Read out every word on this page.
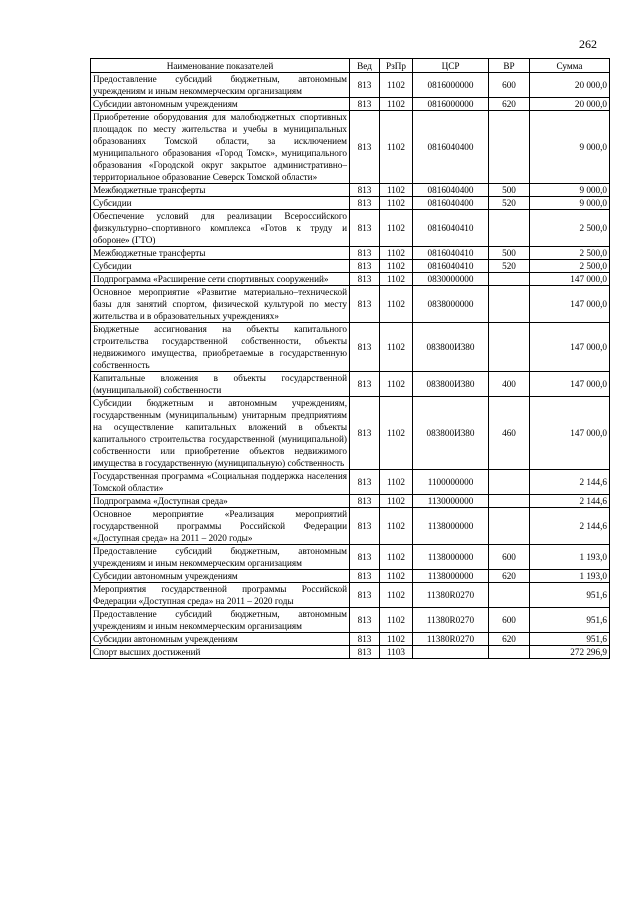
262
Наименование показателей	Вед	РзПр	ЦСР	ВР	Сумма
Предоставление субсидий бюджетным, автономным учреждениям и иным некоммерческим организациям	813	1102	0816000000	600	20 000,0
Субсидии автономным учреждениям	813	1102	0816000000	620	20 000,0
Приобретение оборудования для малобюджетных спортивных площадок по месту жительства и учебы в муниципальных образованиях Томской области, за исключением муниципального образования «Город Томск», муниципального образования «Городской округ закрытое административно–территориальное образование Северск Томской области»	813	1102	0816040400		9 000,0
Межбюджетные трансферты	813	1102	0816040400	500	9 000,0
Субсидии	813	1102	0816040400	520	9 000,0
Обеспечение условий для реализации Всероссийского физкультурно–спортивного комплекса «Готов к труду и обороне» (ГТО)	813	1102	0816040410		2 500,0
Межбюджетные трансферты	813	1102	0816040410	500	2 500,0
Субсидии	813	1102	0816040410	520	2 500,0
Подпрограмма «Расширение сети спортивных сооружений»	813	1102	0830000000		147 000,0
Основное мероприятие «Развитие материально–технической базы для занятий спортом, физической культурой по месту жительства и в образовательных учреждениях»	813	1102	0838000000		147 000,0
Бюджетные ассигнования на объекты капитального строительства государственной собственности, объекты недвижимого имущества, приобретаемые в государственную собственность	813	1102	083800И380		147 000,0
Капитальные вложения в объекты государственной (муниципальной) собственности	813	1102	083800И380	400	147 000,0
Субсидии бюджетным и автономным учреждениям, государственным (муниципальным) унитарным предприятиям на осуществление капитальных вложений в объекты капитального строительства государственной (муниципальной) собственности или приобретение объектов недвижимого имущества в государственную (муниципальную) собственность	813	1102	083800И380	460	147 000,0
Государственная программа «Социальная поддержка населения Томской области»	813	1102	1100000000		2 144,6
Подпрограмма «Доступная среда»	813	1102	1130000000		2 144,6
Основное мероприятие «Реализация мероприятий государственной программы Российской Федерации «Доступная среда» на 2011 – 2020 годы»	813	1102	1138000000		2 144,6
Предоставление субсидий бюджетным, автономным учреждениям и иным некоммерческим организациям	813	1102	1138000000	600	1 193,0
Субсидии автономным учреждениям	813	1102	1138000000	620	1 193,0
Мероприятия государственной программы Российской Федерации «Доступная среда» на 2011 – 2020 годы	813	1102	11380R0270		951,6
Предоставление субсидий бюджетным, автономным учреждениям и иным некоммерческим организациям	813	1102	11380R0270	600	951,6
Субсидии автономным учреждениям	813	1102	11380R0270	620	951,6
Спорт высших достижений	813	1103			272 296,9
